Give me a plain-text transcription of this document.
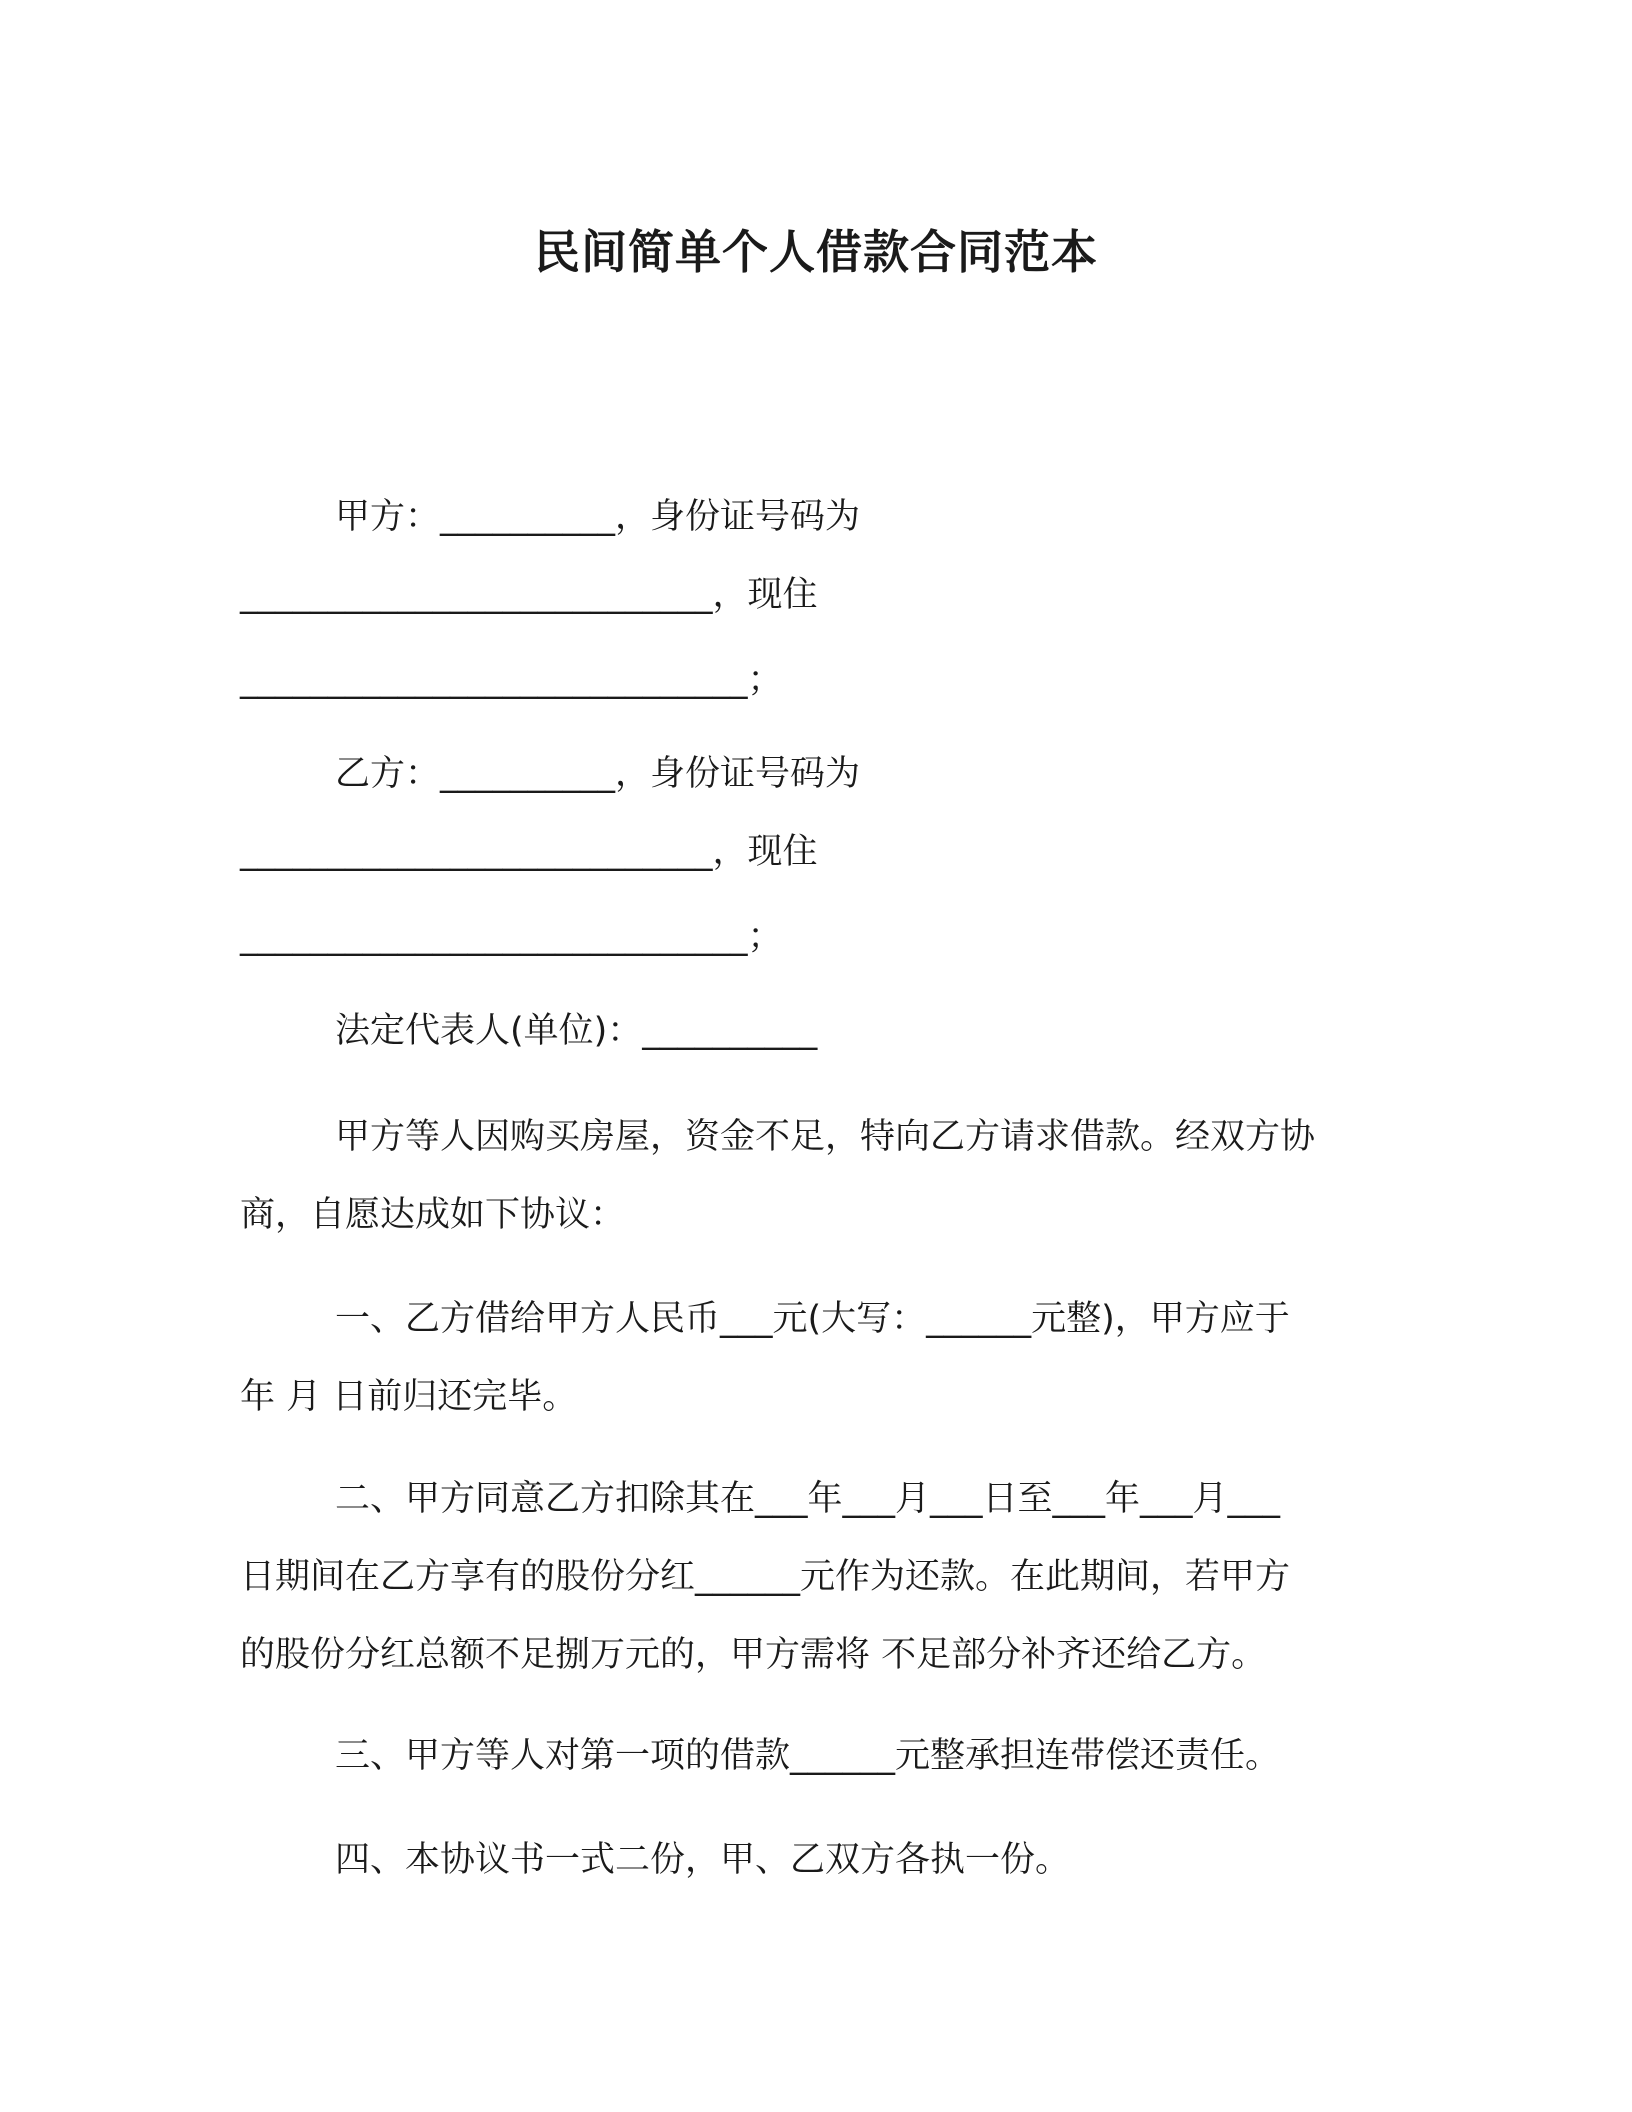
民间简单个人借款合同范本

甲方：__________，身份证号码为

___________________________，现住

_____________________________；

乙方：__________，身份证号码为

___________________________，现住

_____________________________；

法定代表人(单位)：__________

甲方等人因购买房屋，资金不足，特向乙方请求借款。经双方协

商，自愿达成如下协议：

一、乙方借给甲方人民币___元(大写：______元整)，甲方应于

年 月 日前归还完毕。

二、甲方同意乙方扣除其在___年___月___日至___年___月___

日期间在乙方享有的股份分红______元作为还款。在此期间，若甲方

的股份分红总额不足捌万元的，甲方需将 不足部分补齐还给乙方。

三、甲方等人对第一项的借款______元整承担连带偿还责任。

四、本协议书一式二份，甲、乙双方各执一份。
